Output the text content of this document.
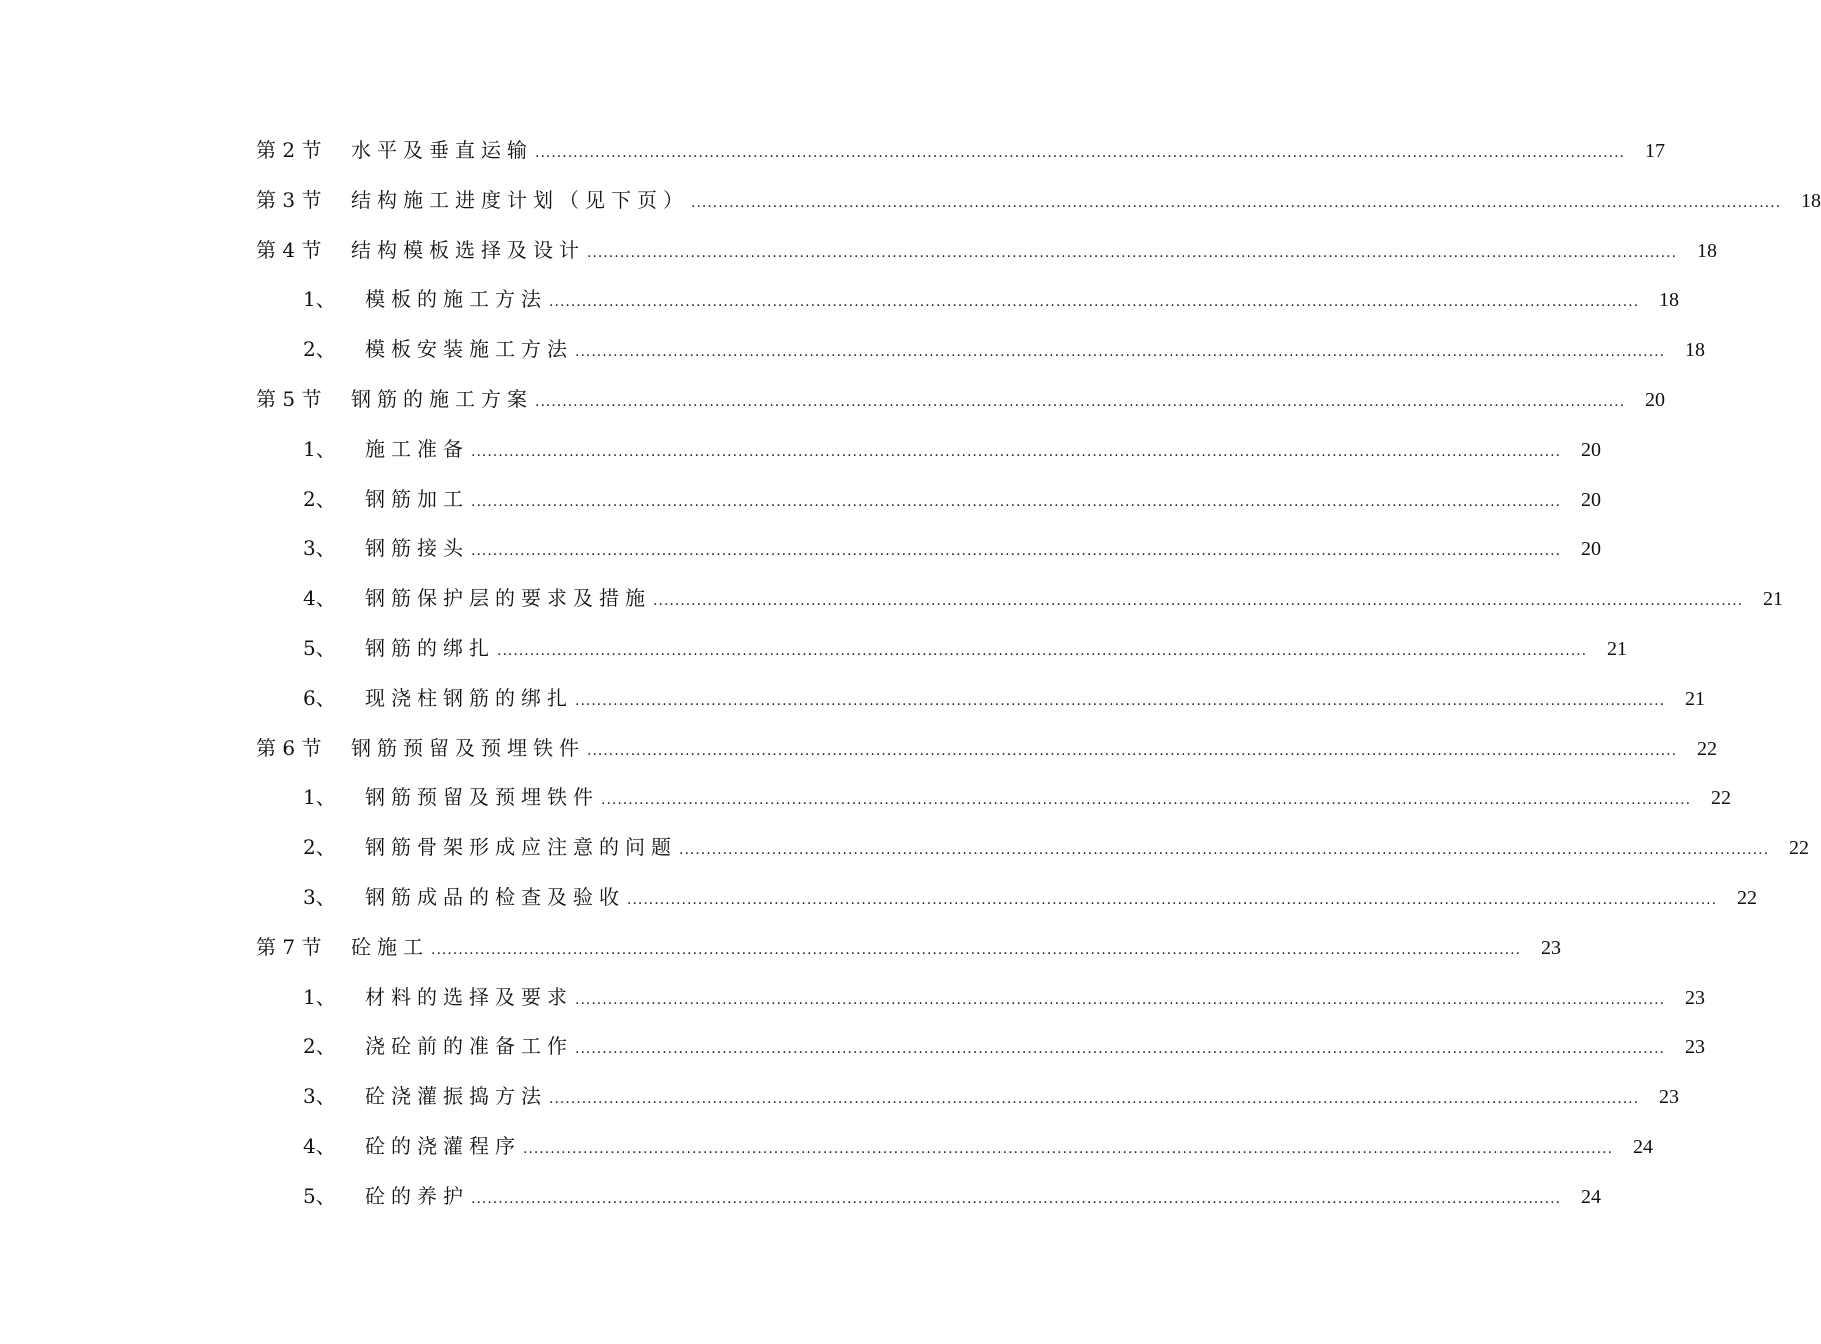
第 2 节	水平及垂直运输 ........................................................................................................................................................................................................	17
第 3 节	结构施工进度计划（见下页） ........................................................................................................................................................................................................	18
第 4 节	结构模板选择及设计 ........................................................................................................................................................................................................	18
1、	模板的施工方法 ........................................................................................................................................................................................................	18
2、	模板安装施工方法 ........................................................................................................................................................................................................	18
第 5 节	钢筋的施工方案 ........................................................................................................................................................................................................	20
1、	施工准备 ........................................................................................................................................................................................................	20
2、	钢筋加工 ........................................................................................................................................................................................................	20
3、	钢筋接头 ........................................................................................................................................................................................................	20
4、	钢筋保护层的要求及措施 ........................................................................................................................................................................................................	21
5、	钢筋的绑扎 ........................................................................................................................................................................................................	21
6、	现浇柱钢筋的绑扎 ........................................................................................................................................................................................................	21
第 6 节	钢筋预留及预埋铁件 ........................................................................................................................................................................................................	22
1、	钢筋预留及预埋铁件 ........................................................................................................................................................................................................	22
2、	钢筋骨架形成应注意的问题 ........................................................................................................................................................................................................	22
3、	钢筋成品的检查及验收 ........................................................................................................................................................................................................	22
第 7 节	砼施工 ........................................................................................................................................................................................................	23
1、	材料的选择及要求 ........................................................................................................................................................................................................	23
2、	浇砼前的准备工作 ........................................................................................................................................................................................................	23
3、	砼浇灌振捣方法 ........................................................................................................................................................................................................	23
4、	砼的浇灌程序 ........................................................................................................................................................................................................	24
5、	砼的养护 ........................................................................................................................................................................................................	24
